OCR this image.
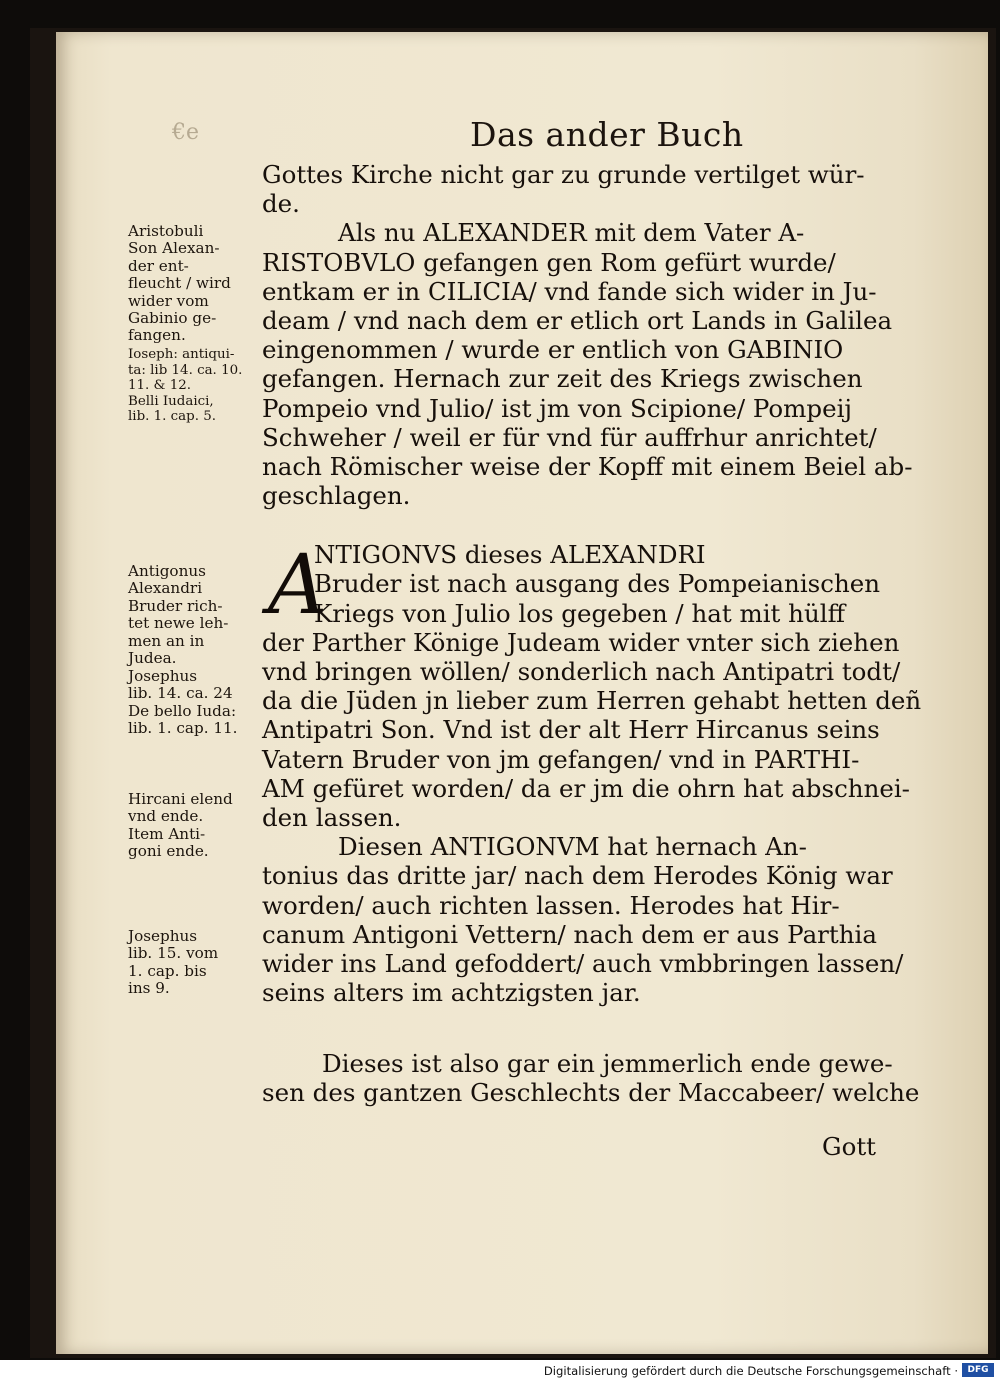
€e	Das ander Buch
Gottes Kirche nicht gar zu grunde vertilget wür-
de.
Als nu ALEXANDER mit dem Vater A-
RISTOBVLO gefangen gen Rom gefürt wurde/
entkam er in CILICIA/ vnd fande sich wider in Ju-
deam / vnd nach dem er etlich ort Lands in Galilea
eingenommen / wurde er entlich von GABINIO
gefangen. Hernach zur zeit des Kriegs zwischen
Pompeio vnd Julio/ ist jm von Scipione/ Pompeij
Schweher / weil er für vnd für auffrhur anrichtet/
nach Römischer weise der Kopff mit einem Beiel ab-
geschlagen.
NTIGONVS dieses ALEXANDRI
Bruder ist nach ausgang des Pompeianischen
Kriegs von Julio los gegeben / hat mit hülff
der Parther Könige Judeam wider vnter sich ziehen
vnd bringen wöllen/ sonderlich nach Antipatri todt/
da die Jüden jn lieber zum Herren gehabt hetten deñ
Antipatri Son. Vnd ist der alt Herr Hircanus seins
Vatern Bruder von jm gefangen/ vnd in PARTHI-
AM gefüret worden/ da er jm die ohrn hat abschnei-
den lassen.
Diesen ANTIGONVM hat hernach An-
tonius das dritte jar/ nach dem Herodes König war
worden/ auch richten lassen. Herodes hat Hir-
canum Antigoni Vettern/ nach dem er aus Parthia
wider ins Land gefoddert/ auch vmbbringen lassen/
seins alters im achtzigsten jar.
Dieses ist also gar ein jemmerlich ende gewe-
sen des gantzen Geschlechts der Maccabeer/ welche
Gott
A
Aristobuli
Son Alexan-
der ent-
fleucht / wird
wider vom
Gabinio ge-
fangen.
Ioseph: antiqui-
ta: lib 14. ca. 10.
11. & 12.
Belli Iudaici,
lib. 1. cap. 5.
Antigonus
Alexandri
Bruder rich-
tet newe leh-
men an in
Judea.
Josephus
lib. 14. ca. 24
De bello Iuda:
lib. 1. cap. 11.
Hircani elend
vnd ende.
Item Anti-
goni ende.
Josephus
lib. 15. vom
1. cap. bis
ins 9.
Digitalisierung gefördert durch die Deutsche Forschungsgemeinschaft ·	DFG
